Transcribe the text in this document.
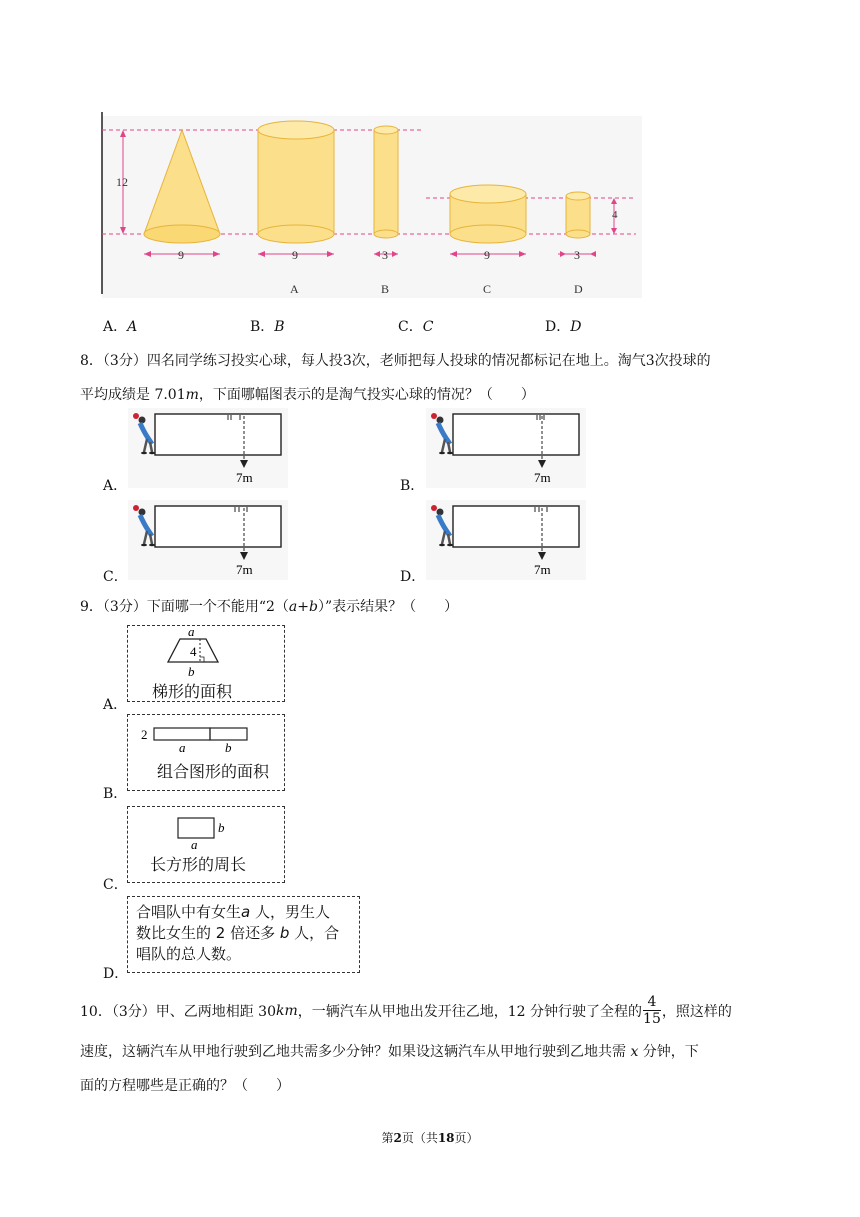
12
9	9
A
3
B
9
C
3
D
4
A．A	B．B	C．C	D．D
8．（3分）四名同学练习投实心球，每人投3次，老师把每人投球的情况都标记在地上。淘气3次投球的
平均成绩是 7.01m，下面哪幅图表示的是淘气投实心球的情况？（　　）
7m
A．
7m
B．
7m
C．	7m
D．
9．（3分）下面哪一个不能用“2（a+b）”表示结果？（　　）
a
4
b
梯形的面积
A．
2
a	b
组合图形的面积
B．
b
a
长方形的周长
C．
合唱队中有女生a 人，男生人
数比女生的 2 倍还多 b 人，合
唱队的总人数。
D．
10．（3分）甲、乙两地相距 30 km ，一辆汽车从甲地出发开往乙地，12 分钟行驶了全程的
4
15 ，照这样的
速度，这辆汽车从甲地行驶到乙地共需多少分钟？如果设这辆汽车从甲地行驶到乙地共需 x 分钟，下
面的方程哪些是正确的？（　　）
第2页（共18页）
